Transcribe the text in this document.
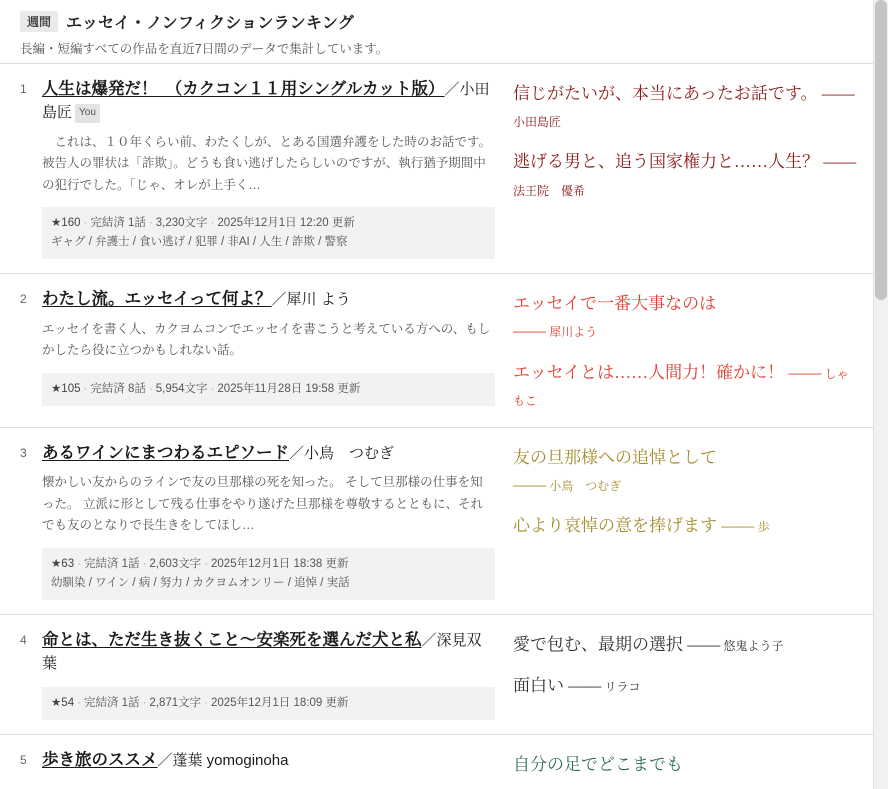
週間 エッセイ・ノンフィクションランキング
長編・短編すべての作品を直近7日間のデータで集計しています。
1 人生は爆発だ！　（カクコン１１用シングルカット版）／小田島匠 You
　これは、１０年くらい前、わたくしが、とある国選弁護をした時のお話です。被告人の罪状は「詐欺」。どうも食い逃げしたらしいのですが、執行猶予期間中の犯行でした。「じゃ、オレが上手く…
★160 · 完結済 1話 · 3,230文字 · 2025年12月1日 12:20 更新
ギャグ / 弁護士 / 食い逃げ / 犯罪 / 非AI / 人生 / 詐欺 / 警察
信じがたいが、本当にあったお話です。 —— 小田島匠
逃げる男と、追う国家権力と……人生？ —— 法王院　優希
2 わたし流。エッセイって何よ？／犀川 よう
エッセイを書く人、カクヨムコンでエッセイを書こうと考えている方への、もしかしたら役に立つかもしれない話。
★105 · 完結済 8話 · 5,954文字 · 2025年11月28日 19:58 更新
エッセイで一番大事なのは
—— 犀川よう
エッセイとは……人間力！確かに！ —— しゃもこ
3 あるワインにまつわるエピソード／小鳥　つむぎ
懐かしい友からのラインで友の旦那様の死を知った。 そして旦那様の仕事を知った。 立派に形として残る仕事をやり遂げた旦那様を尊敬するとともに、それでも友のとなりで長生きをしてほし…
★63 · 完結済 1話 · 2,603文字 · 2025年12月1日 18:38 更新
幼馴染 / ワイン / 病 / 努力 / カクヨムオンリー / 追悼 / 実話
友の旦那様への追悼として
—— 小鳥　つむぎ
心より哀悼の意を捧げます —— 歩
4 命とは、ただ生き抜くこと～安楽死を選んだ犬と私／深見双葉
★54 · 完結済 1話 · 2,871文字 · 2025年12月1日 18:09 更新
愛で包む、最期の選択 —— 悠鬼よう子
面白い —— リラコ
5 歩き旅のススメ／蓬葉 yomoginoha	自分の足でどこまでも
